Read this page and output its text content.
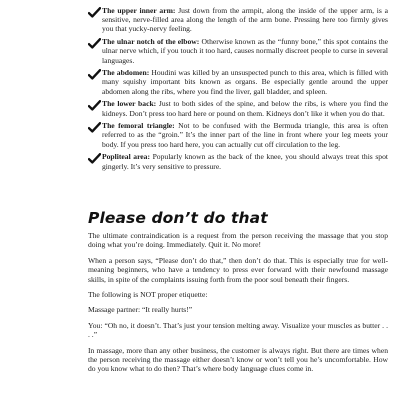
The upper inner arm: Just down from the armpit, along the inside of the upper arm, is a sensitive, nerve-filled area along the length of the arm bone. Pressing here too firmly gives you that yucky-nervy feeling.
The ulnar notch of the elbow: Otherwise known as the “funny bone,” this spot contains the ulnar nerve which, if you touch it too hard, causes normally discreet people to curse in several languages.
The abdomen: Houdini was killed by an unsuspected punch to this area, which is filled with many squishy important bits known as organs. Be especially gentle around the upper abdomen along the ribs, where you find the liver, gall bladder, and spleen.
The lower back: Just to both sides of the spine, and below the ribs, is where you find the kidneys. Don’t press too hard here or pound on them. Kidneys don’t like it when you do that.
The femoral triangle: Not to be confused with the Bermuda triangle, this area is often referred to as the “groin.” It’s the inner part of the line in front where your leg meets your body. If you press too hard here, you can actually cut off circulation to the leg.
Popliteal area: Popularly known as the back of the knee, you should always treat this spot gingerly. It’s very sensitive to pressure.
Please don’t do that

The ultimate contraindication is a request from the person receiving the massage that you stop doing what you’re doing. Immediately. Quit it. No more!

When a person says, “Please don’t do that,” then don’t do that. This is especially true for well-meaning beginners, who have a tendency to press ever forward with their newfound massage skills, in spite of the complaints issuing forth from the poor soul beneath their fingers.

The following is NOT proper etiquette:

Massage partner: “It really hurts!”

You: “Oh no, it doesn’t. That’s just your tension melting away. Visualize your muscles as butter . . . .”

In massage, more than any other business, the customer is always right. But there are times when the person receiving the massage either doesn’t know or won’t tell you he’s uncomfortable. How do you know what to do then? That’s where body language clues come in.
